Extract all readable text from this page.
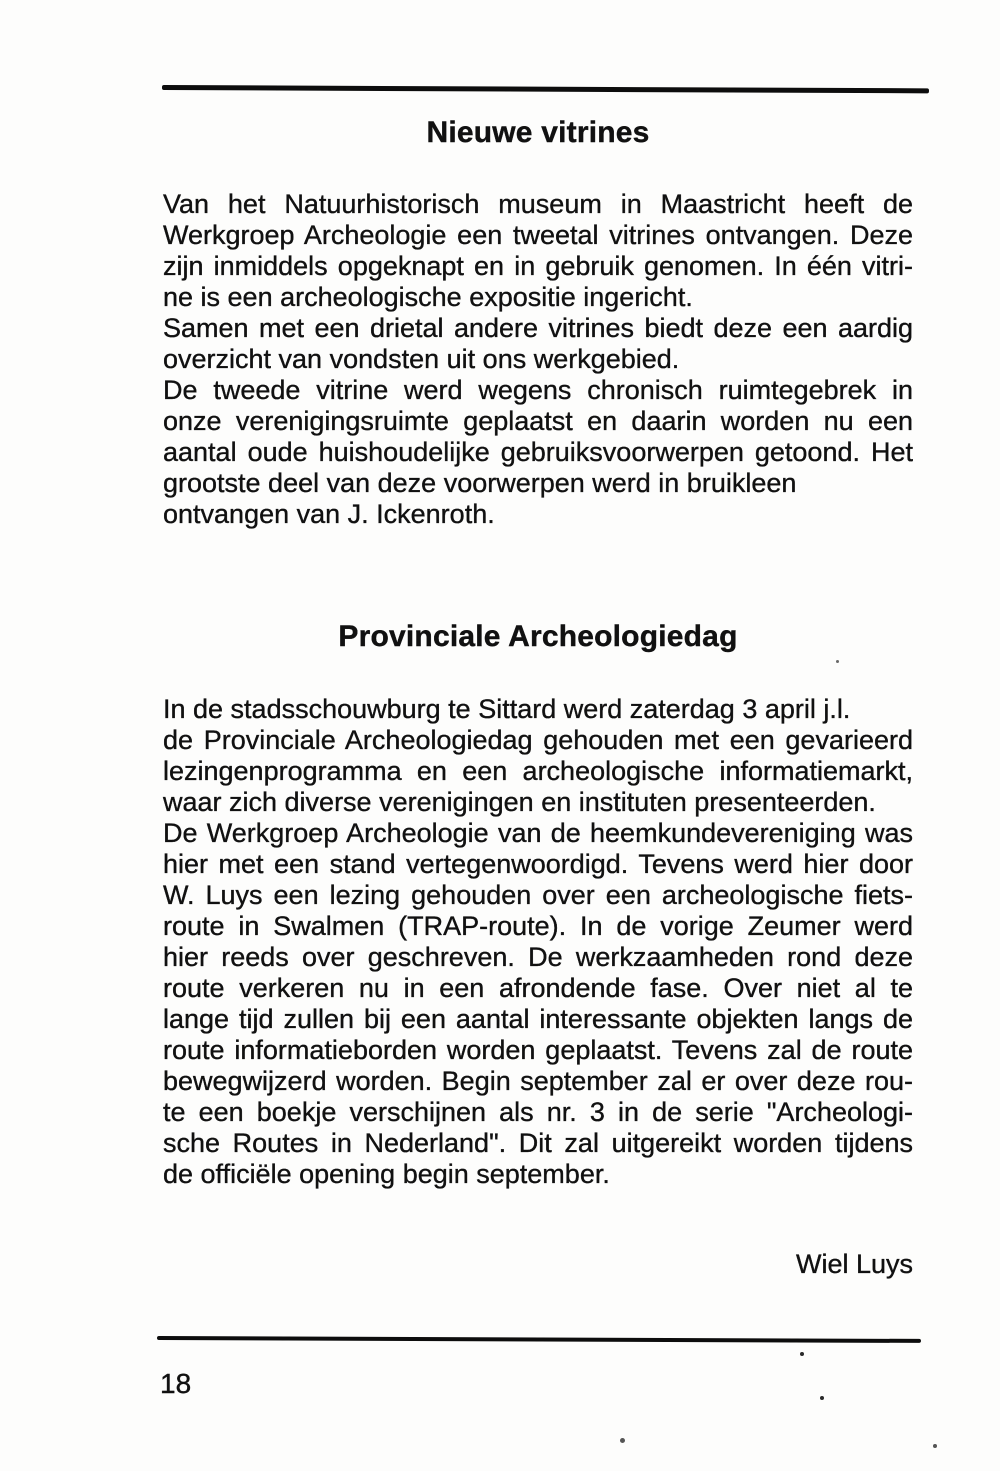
Nieuwe vitrines
Van het Natuurhistorisch museum in Maastricht heeft de
Werkgroep Archeologie een tweetal vitrines ontvangen. Deze
zijn inmiddels opgeknapt en in gebruik genomen. In één vitri-
ne is een archeologische expositie ingericht.
Samen met een drietal andere vitrines biedt deze een aardig
overzicht van vondsten uit ons werkgebied.
De tweede vitrine werd wegens chronisch ruimtegebrek in
onze verenigingsruimte geplaatst en daarin worden nu een
aantal oude huishoudelijke gebruiksvoorwerpen getoond. Het
grootste deel van deze voorwerpen werd in bruikleen
ontvangen van J. Ickenroth.
Provinciale Archeologiedag
In de stadsschouwburg te Sittard werd zaterdag 3 april j.l.
de Provinciale Archeologiedag gehouden met een gevarieerd
lezingenprogramma en een archeologische informatiemarkt,
waar zich diverse verenigingen en instituten presenteerden.
De Werkgroep Archeologie van de heemkundevereniging was
hier met een stand vertegenwoordigd. Tevens werd hier door
W. Luys een lezing gehouden over een archeologische fiets-
route in Swalmen (TRAP-route). In de vorige Zeumer werd
hier reeds over geschreven. De werkzaamheden rond deze
route verkeren nu in een afrondende fase. Over niet al te
lange tijd zullen bij een aantal interessante objekten langs de
route informatieborden worden geplaatst. Tevens zal de route
bewegwijzerd worden. Begin september zal er over deze rou-
te een boekje verschijnen als nr. 3 in de serie "Archeologi-
sche Routes in Nederland". Dit zal uitgereikt worden tijdens
de officiële opening begin september.
Wiel Luys
18
